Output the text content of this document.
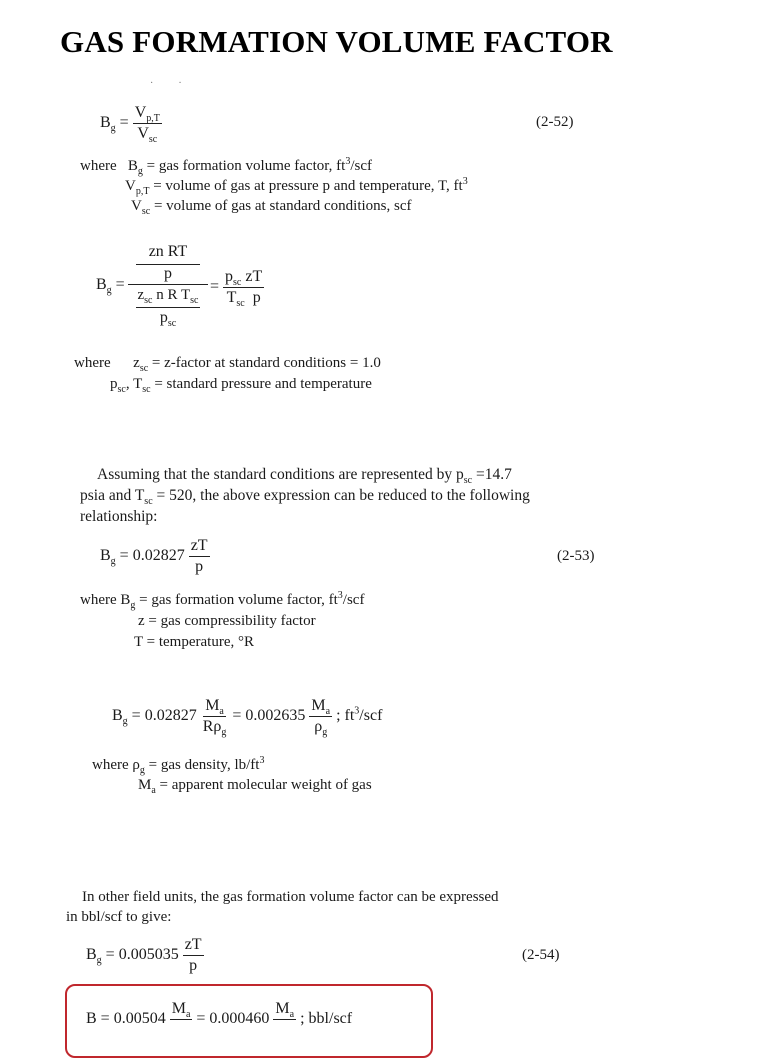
GAS FORMATION VOLUME FACTOR
·          ·
$B_g = \frac{V_{p,T}}{V_{sc}}$	(2-52)
where $B_g$ = gas formation volume factor, $ft^3$/scf
$V_{p,T}$ = volume of gas at pressure p and temperature, T, $ft^3$
$V_{sc}$ = volume of gas at standard conditions, scf
$B_g$ =
zn RT
p
$z_{sc}$ n R $T_{sc}$
$p_{sc}$
= $\frac{p_{sc} zT}{T_{sc} p}$
where $z_{sc}$ = z-factor at standard conditions = 1.0
$p_{sc}$, $T_{sc}$ = standard pressure and temperature
Assuming that the standard conditions are represented by $p_{sc} =14.7$
psia and $T_{sc} = 520$, the above expression can be reduced to the following
relationship:
$B_g = 0.02827 \frac{zT}{p}$	(2-53)
where $B_g$ = gas formation volume factor, $ft^3$/scf
z = gas compressibility factor
T = temperature, °R
$B_g = 0.02827 \frac{M_a}{R\rho_g} = 0.002635 \frac{M_a}{\rho_g}$ ; $ft^3$/scf
where $\rho_g$ = gas density, $lb/ft^3$
$M_a$ = apparent molecular weight of gas
In other field units, the gas formation volume factor can be expressed
in bbl/scf to give:
$B_g = 0.005035 \frac{zT}{p}$	(2-54)
B = 0.00504
$M_a$
= 0.000460
$M_a$
; bbl/scf
